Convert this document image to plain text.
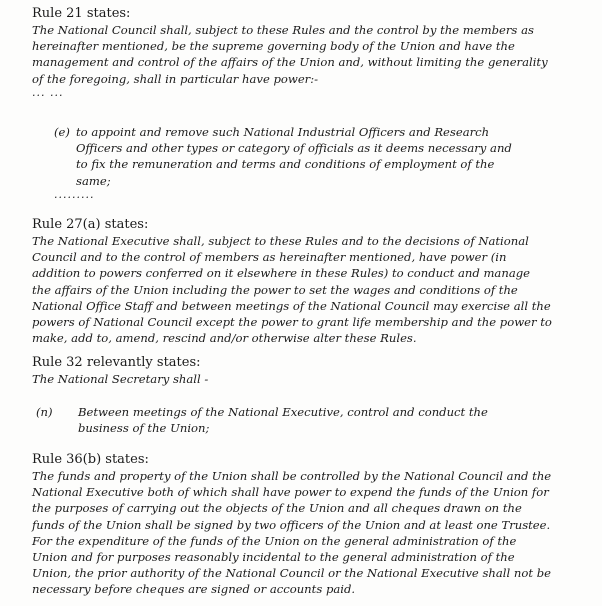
Rule 21 states:

The National Council shall, subject to these Rules and the control by the members as hereinafter mentioned, be the supreme governing body of the Union and have the management and control of the affairs of the Union and, without limiting the generality of the foregoing, shall in particular have power:-

... ...

(e) to appoint and remove such National Industrial Officers and Research Officers and other types or category of officials as it deems necessary and to fix the remuneration and terms and conditions of employment of the same;

.........

Rule 27(a) states:

The National Executive shall, subject to these Rules and to the decisions of National Council and to the control of members as hereinafter mentioned, have power (in addition to powers conferred on it elsewhere in these Rules) to conduct and manage the affairs of the Union including the power to set the wages and conditions of the National Office Staff and between meetings of the National Council may exercise all the powers of National Council except the power to grant life membership and the power to make, add to, amend, rescind and/or otherwise alter these Rules.

Rule 32 relevantly states:

The National Secretary shall -

(n)	Between meetings of the National Executive, control and conduct the business of the Union;

Rule 36(b) states:

The funds and property of the Union shall be controlled by the National Council and the National Executive both of which shall have power to expend the funds of the Union for the purposes of carrying out the objects of the Union and all cheques drawn on the funds of the Union shall be signed by two officers of the Union and at least one Trustee. For the expenditure of the funds of the Union on the general administration of the Union and for purposes reasonably incidental to the general administration of the Union, the prior authority of the National Council or the National Executive shall not be necessary before cheques are signed or accounts paid.
